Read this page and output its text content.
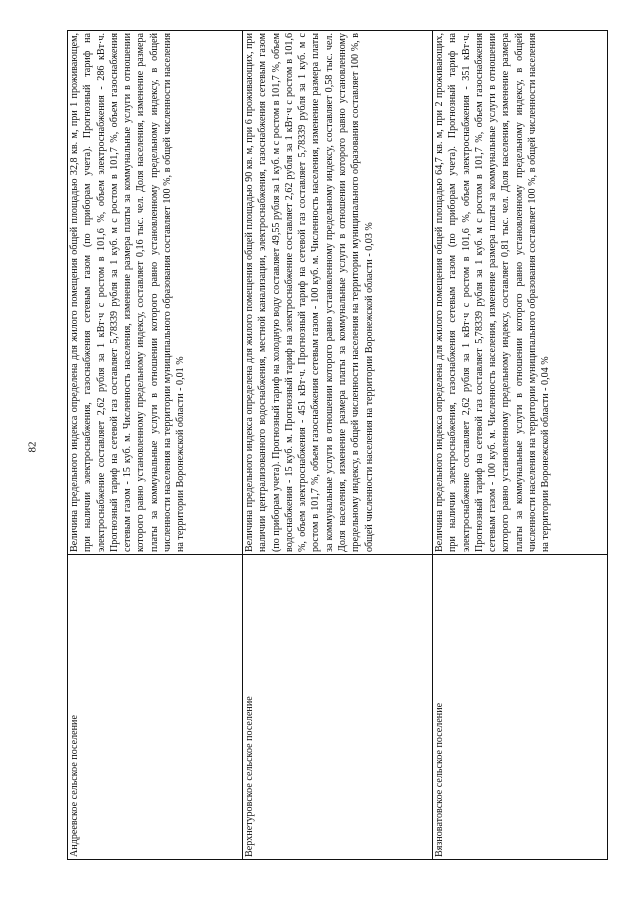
82
Андреевское сельское поселение	Величина предельного индекса определена для жилого помещения общей площадью 32,8 кв. м, при 1 проживающем, при наличии электроснабжения, газоснабжения сетевым газом (по приборам учета). Прогнозный тариф на электроснабжение составляет 2,62 рубля за 1 кВт·ч с ростом в 101,6 %, объем электроснабжения - 286 кВт·ч. Прогнозный тариф на сетевой газ составляет 5,78339 рубля за 1 куб. м с ростом в 101,7 %, объем газоснабжения сетевым газом - 15 куб. м. Численность населения, изменение размера платы за коммунальные услуги в отношении которого равно установленному предельному индексу, составляет 0,16 тыс. чел. Доля населения, изменение размера платы за коммунальные услуги в отношении которого равно установленному предельному индексу, в общей численности населения на территории муниципального образования составляет 100 %, в общей численности населения на территории Воронежской области - 0,01 %
Верхнетуровское сельское поселение	Величина предельного индекса определена для жилого помещения общей площадью 90 кв. м, при 6 проживающих, при наличии централизованного водоснабжения, местной канализации, электроснабжения, газоснабжения сетевым газом (по приборам учета). Прогнозный тариф на холодную воду составляет 49,55 рубля за 1 куб. м с ростом в 101,7 %, объем водоснабжения - 15 куб. м. Прогнозный тариф на электроснабжение составляет 2,62 рубля за 1 кВт·ч с ростом в 101,6 %, объем электроснабжения - 451 кВт·ч. Прогнозный тариф на сетевой газ составляет 5,78339 рубля за 1 куб. м с ростом в 101,7 %, объем газоснабжения сетевым газом - 100 куб. м. Численность населения, изменение размера платы за коммунальные услуги в отношении которого равно установленному предельному индексу, составляет 0,58 тыс. чел. Доля населения, изменение размера платы за коммунальные услуги в отношении которого равно установленному предельному индексу, в общей численности населения на территории муниципального образования составляет 100 %, в общей численности населения на территории Воронежской области - 0,03 %
Вязноватовское сельское поселение	Величина предельного индекса определена для жилого помещения общей площадью 64,7 кв. м, при 2 проживающих, при наличии электроснабжения, газоснабжения сетевым газом (по приборам учета). Прогнозный тариф на электроснабжение составляет 2,62 рубля за 1 кВт·ч с ростом в 101,6 %, объем электроснабжения - 351 кВт·ч. Прогнозный тариф на сетевой газ составляет 5,78339 рубля за 1 куб. м с ростом в 101,7 %, объем газоснабжения сетевым газом - 100 куб. м. Численность населения, изменение размера платы за коммунальные услуги в отношении которого равно установленному предельному индексу, составляет 0,81 тыс. чел. Доля населения, изменение размера платы за коммунальные услуги в отношении которого равно установленному предельному индексу, в общей численности населения на территории муниципального образования составляет 100 %, в общей численности населения на территории Воронежской области - 0,04 %
